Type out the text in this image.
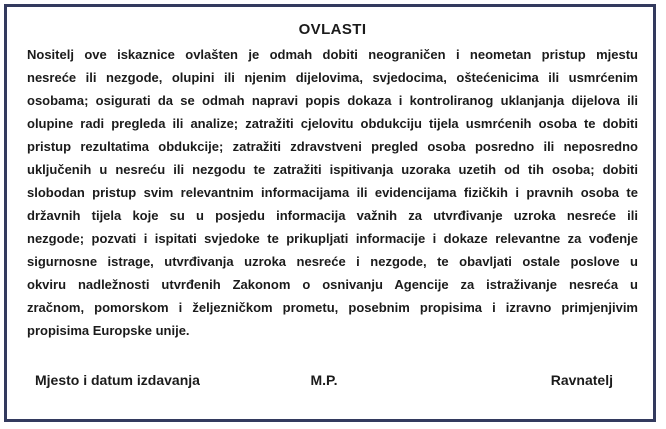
OVLASTI
Nositelj ove iskaznice ovlašten je odmah dobiti neograničen i neometan pristup mjestu
nesreće ili nezgode, olupini ili njenim dijelovima, svjedocima, oštećenicima ili usmrćenim
osobama; osigurati da se odmah napravi popis dokaza i kontroliranog uklanjanja dijelova ili
olupine radi pregleda ili analize; zatražiti cjelovitu obdukciju tijela usmrćenih osoba te dobiti
pristup rezultatima obdukcije; zatražiti zdravstveni pregled osoba posredno ili neposredno
uključenih u nesreću ili nezgodu te zatražiti ispitivanja uzoraka uzetih od tih osoba; dobiti
slobodan pristup svim relevantnim informacijama ili evidencijama fizičkih i pravnih osoba te
državnih tijela koje su u posjedu informacija važnih za utvrđivanje uzroka nesreće ili
nezgode; pozvati i ispitati svjedoke te prikupljati informacije i dokaze relevantne za vođenje
sigurnosne istrage, utvrđivanja uzroka nesreće i nezgode, te obavljati ostale poslove u
okviru nadležnosti utvrđenih Zakonom o osnivanju Agencije za istraživanje nesreća u
zračnom, pomorskom i željezničkom prometu, posebnim propisima i izravno primjenjivim
propisima Europske unije.
Mjesto i datum izdavanja	M.P.	Ravnatelj
